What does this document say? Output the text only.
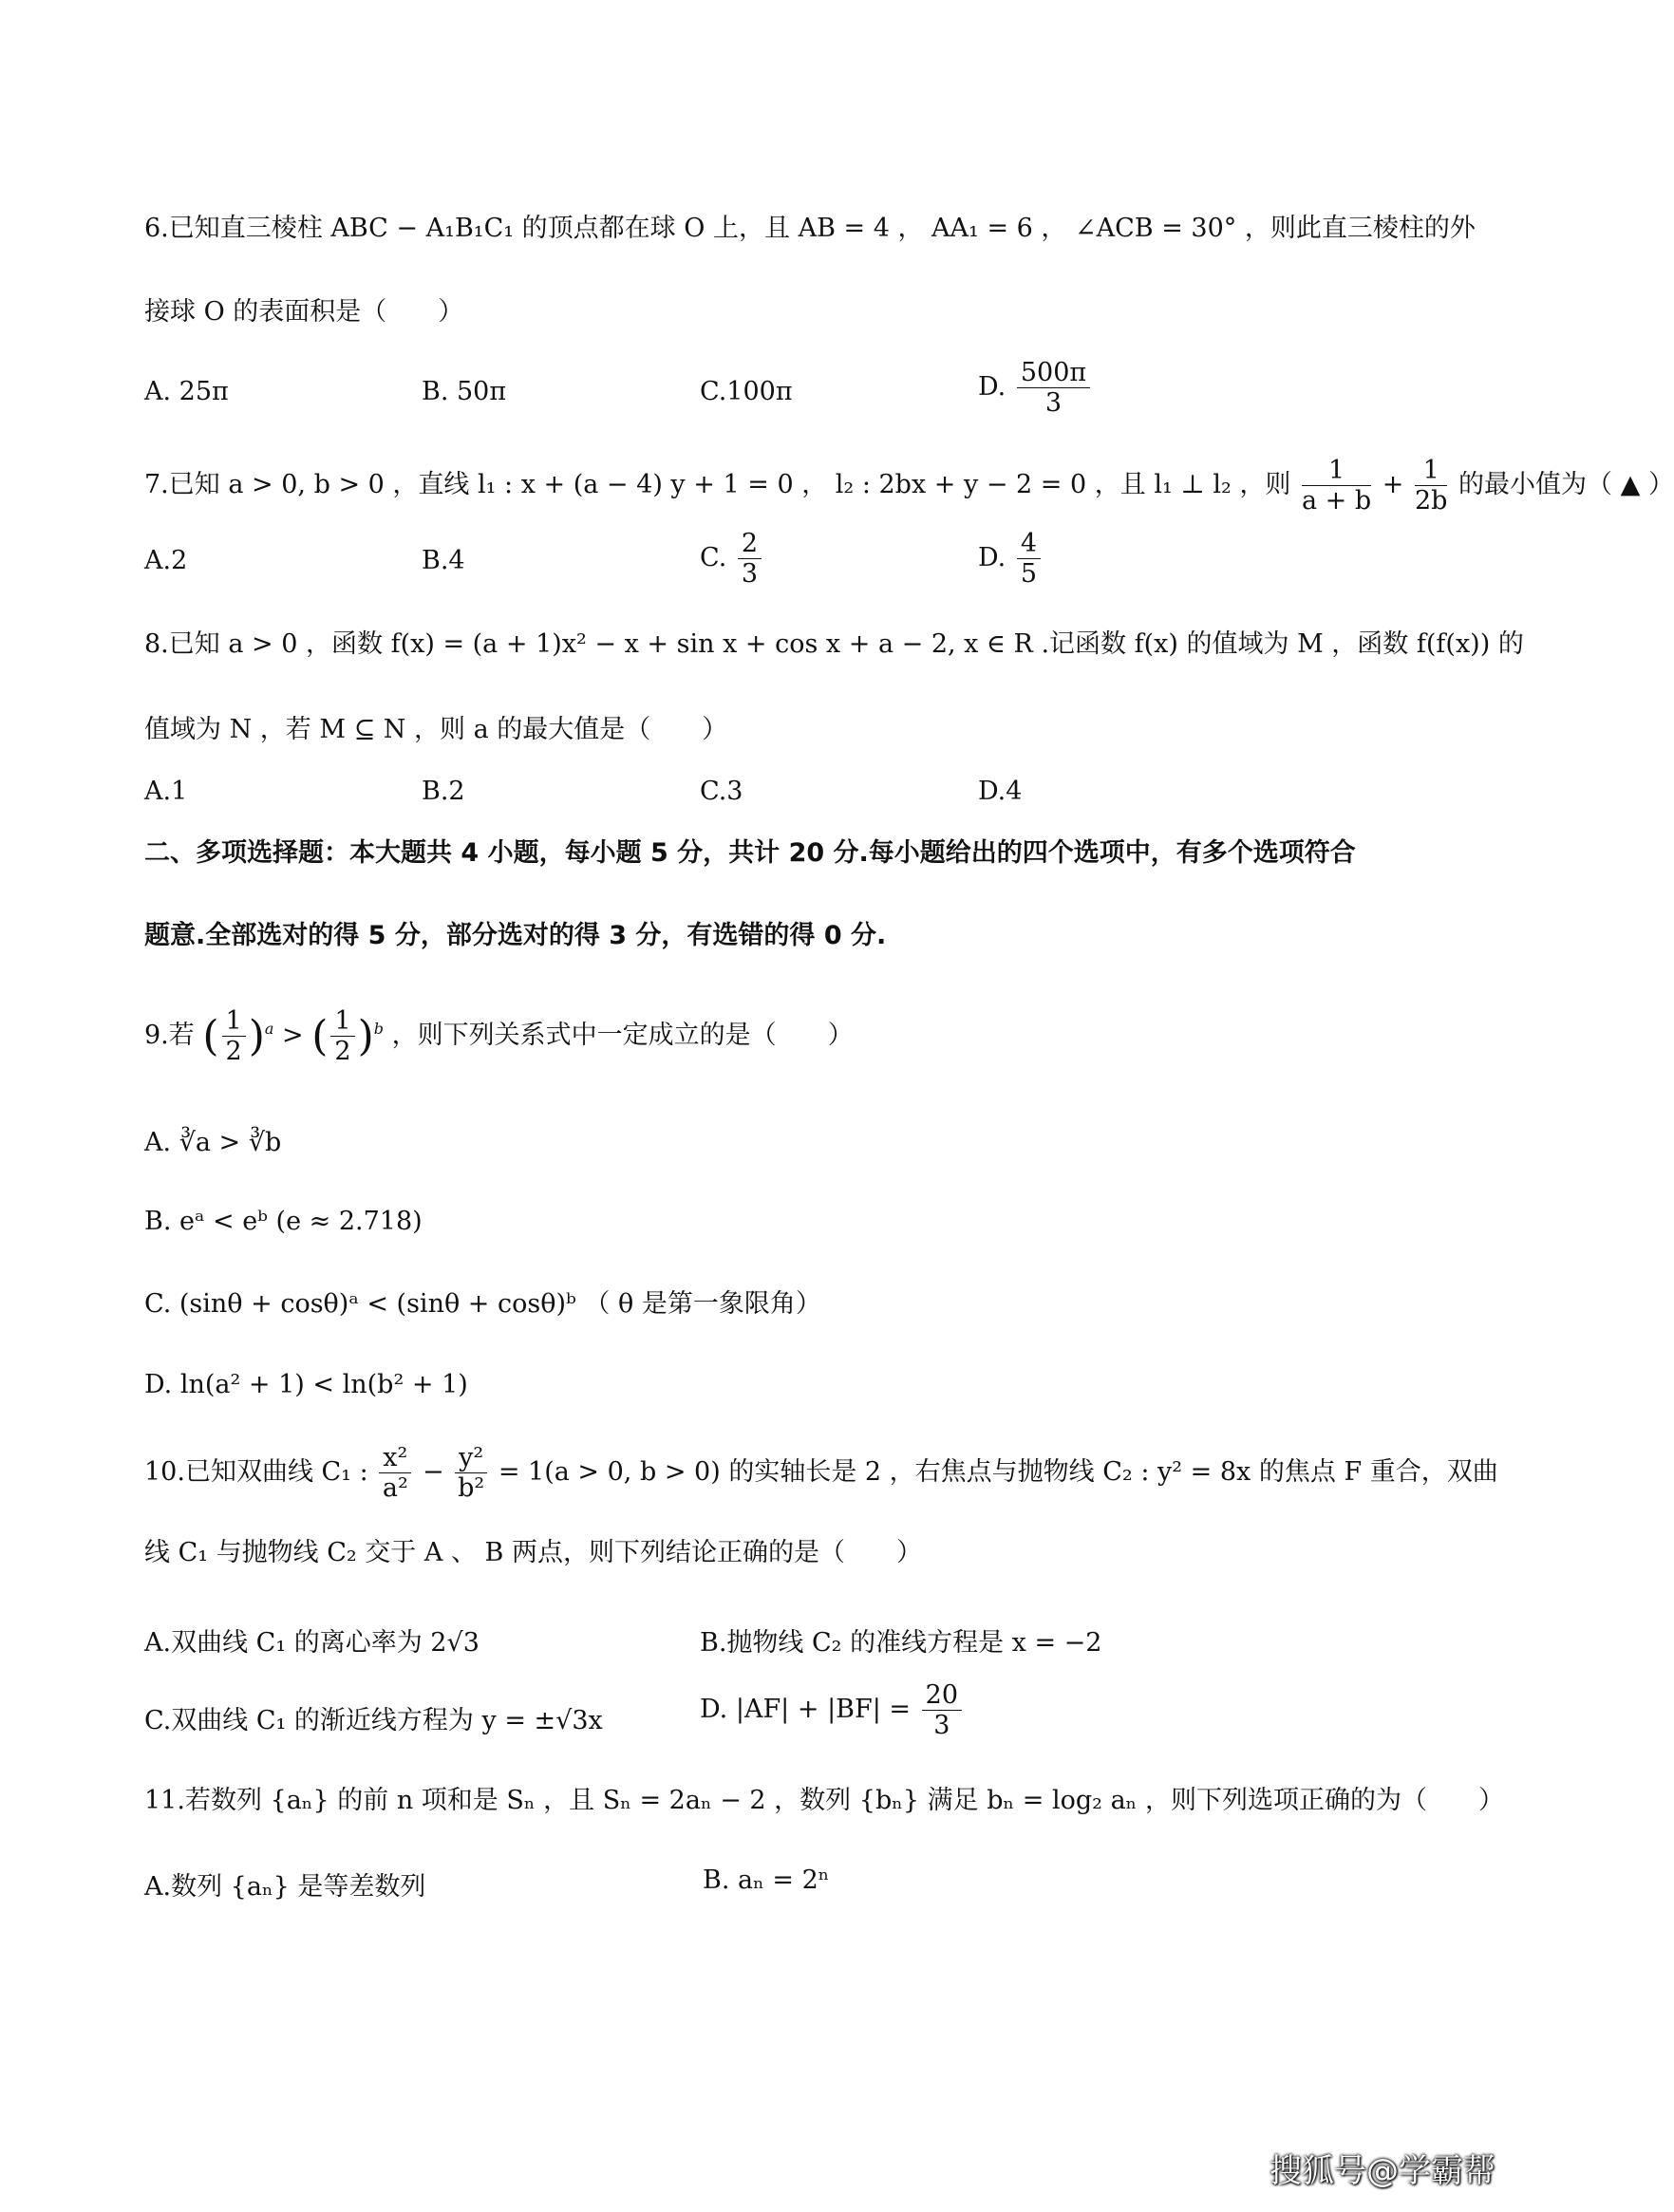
6.已知直三棱柱 ABC − A₁B₁C₁ 的顶点都在球 O 上，且 AB = 4 ， AA₁ = 6 ， ∠ACB = 30° ，则此直三棱柱的外
接球 O 的表面积是（　　）
A. 25π	B. 50π	C.100π	D. $\frac{500\pi}{3}$
7.已知 a > 0, b > 0 ，直线 l₁ : x + (a − 4) y + 1 = 0 ， l₂ : 2bx + y − 2 = 0 ，且 l₁ ⊥ l₂ ，则 $\frac{1}{a + b} + \frac{1}{2b}$ 的最小值为（ ▲ ）
A.2	B.4	C. $\frac{2}{3}$	D. $\frac{4}{5}$
8.已知 a > 0 ，函数 f(x) = (a + 1)x² − x + sin x + cos x + a − 2, x ∈ R .记函数 f(x) 的值域为 M ，函数 f(f(x)) 的
值域为 N ，若 M ⊆ N ，则 a 的最大值是（　　）
A.1	B.2	C.3	D.4
二、多项选择题：本大题共 4 小题，每小题 5 分，共计 20 分.每小题给出的四个选项中，有多个选项符合
题意.全部选对的得 5 分，部分选对的得 3 分，有选错的得 0 分.
9.若 ( $\frac{1}{2} )^a$ > ( $\frac{1}{2} )^b$ ，则下列关系式中一定成立的是（　　）
A. ∛a > ∛b
B. eᵃ < eᵇ (e ≈ 2.718)
C. (sinθ + cosθ)ᵃ < (sinθ + cosθ)ᵇ （ θ 是第一象限角）
D. ln(a² + 1) < ln(b² + 1)
10.已知双曲线 C₁ : $\frac{\text{x²}}{\text{a²}} - \frac{\text{y²}}{\text{b²}} = 1(a > 0$, b > 0) 的实轴长是 2 ，右焦点与抛物线 C₂ : y² = 8x 的焦点 F 重合，双曲
线 C₁ 与抛物线 C₂ 交于 A 、 B 两点，则下列结论正确的是（　　）
A.双曲线 C₁ 的离心率为 2√3	B.抛物线 C₂ 的准线方程是 x = −2
C.双曲线 C₁ 的渐近线方程为 y = ±√3x	D. $|AF| + |BF| = \frac{20}{3}$
11.若数列 {aₙ} 的前 n 项和是 Sₙ ，且 Sₙ = 2aₙ − 2 ，数列 {bₙ} 满足 bₙ = log₂ aₙ ，则下列选项正确的为（　　）
A.数列 {aₙ} 是等差数列	B. aₙ = 2ⁿ
搜狐号@学霸帮
